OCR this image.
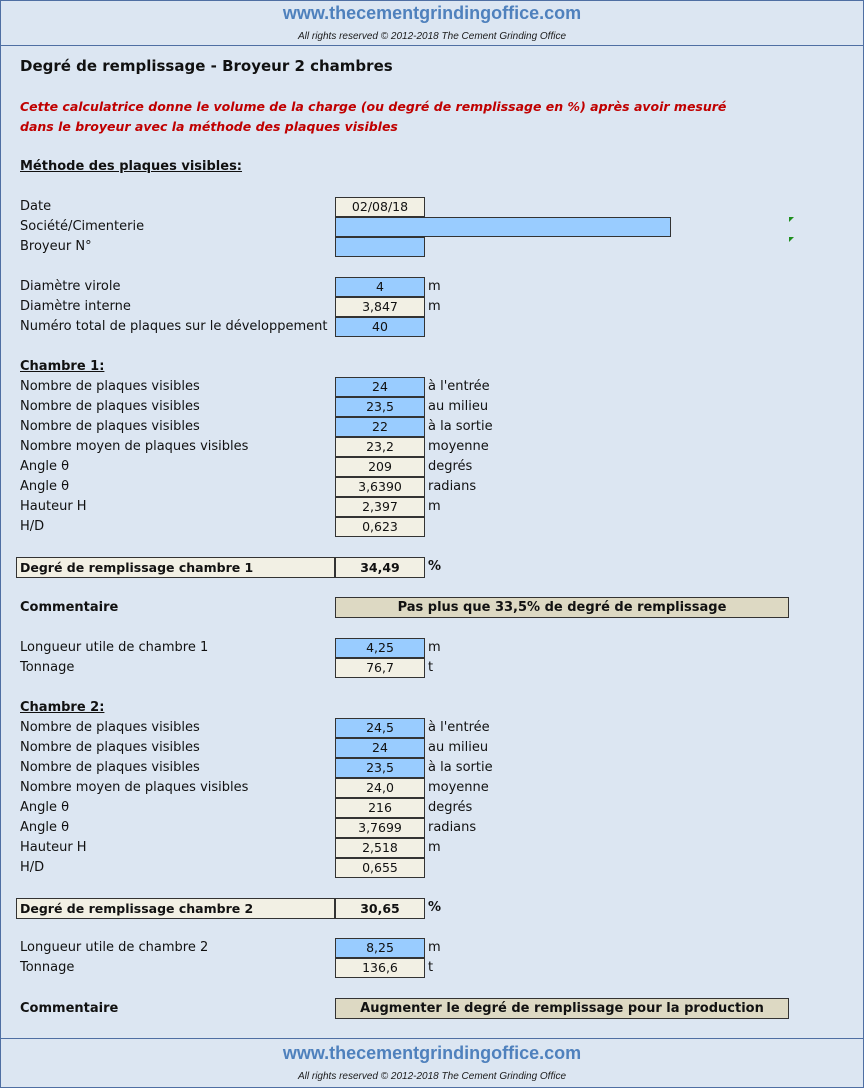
www.thecementgrindingoffice.com
All rights reserved © 2012-2018 The Cement Grinding Office
Degré de remplissage - Broyeur 2 chambres
Cette calculatrice donne le volume de la charge (ou degré de remplissage en %) après avoir mesuré
dans le broyeur avec la méthode des plaques visibles
Méthode des plaques visibles:
Date	02/08/18
Société/Cimenterie
Broyeur N°
Diamètre virole	4	m
Diamètre interne	3,847	m
Numéro total de plaques sur le développement	40
Chambre 1:
Nombre de plaques visibles	24	à l'entrée
Nombre de plaques visibles	23,5	au milieu
Nombre de plaques visibles	22	à la sortie
Nombre moyen de plaques visibles	23,2	moyenne
Angle θ	209	degrés
Angle θ	3,6390	radians
Hauteur H	2,397	m
H/D	0,623
Degré de remplissage chambre 1	34,49	%
Commentaire	Pas plus que 33,5% de degré de remplissage
Longueur utile de chambre 1	4,25	m
Tonnage	76,7	t
Chambre 2:
Nombre de plaques visibles	24,5	à l'entrée
Nombre de plaques visibles	24	au milieu
Nombre de plaques visibles	23,5	à la sortie
Nombre moyen de plaques visibles	24,0	moyenne
Angle θ	216	degrés
Angle θ	3,7699	radians
Hauteur H	2,518	m
H/D	0,655
Degré de remplissage chambre 2	30,65	%
Longueur utile de chambre 2	8,25	m
Tonnage	136,6	t
Commentaire	Augmenter le degré de remplissage pour la production
www.thecementgrindingoffice.com
All rights reserved © 2012-2018 The Cement Grinding Office
